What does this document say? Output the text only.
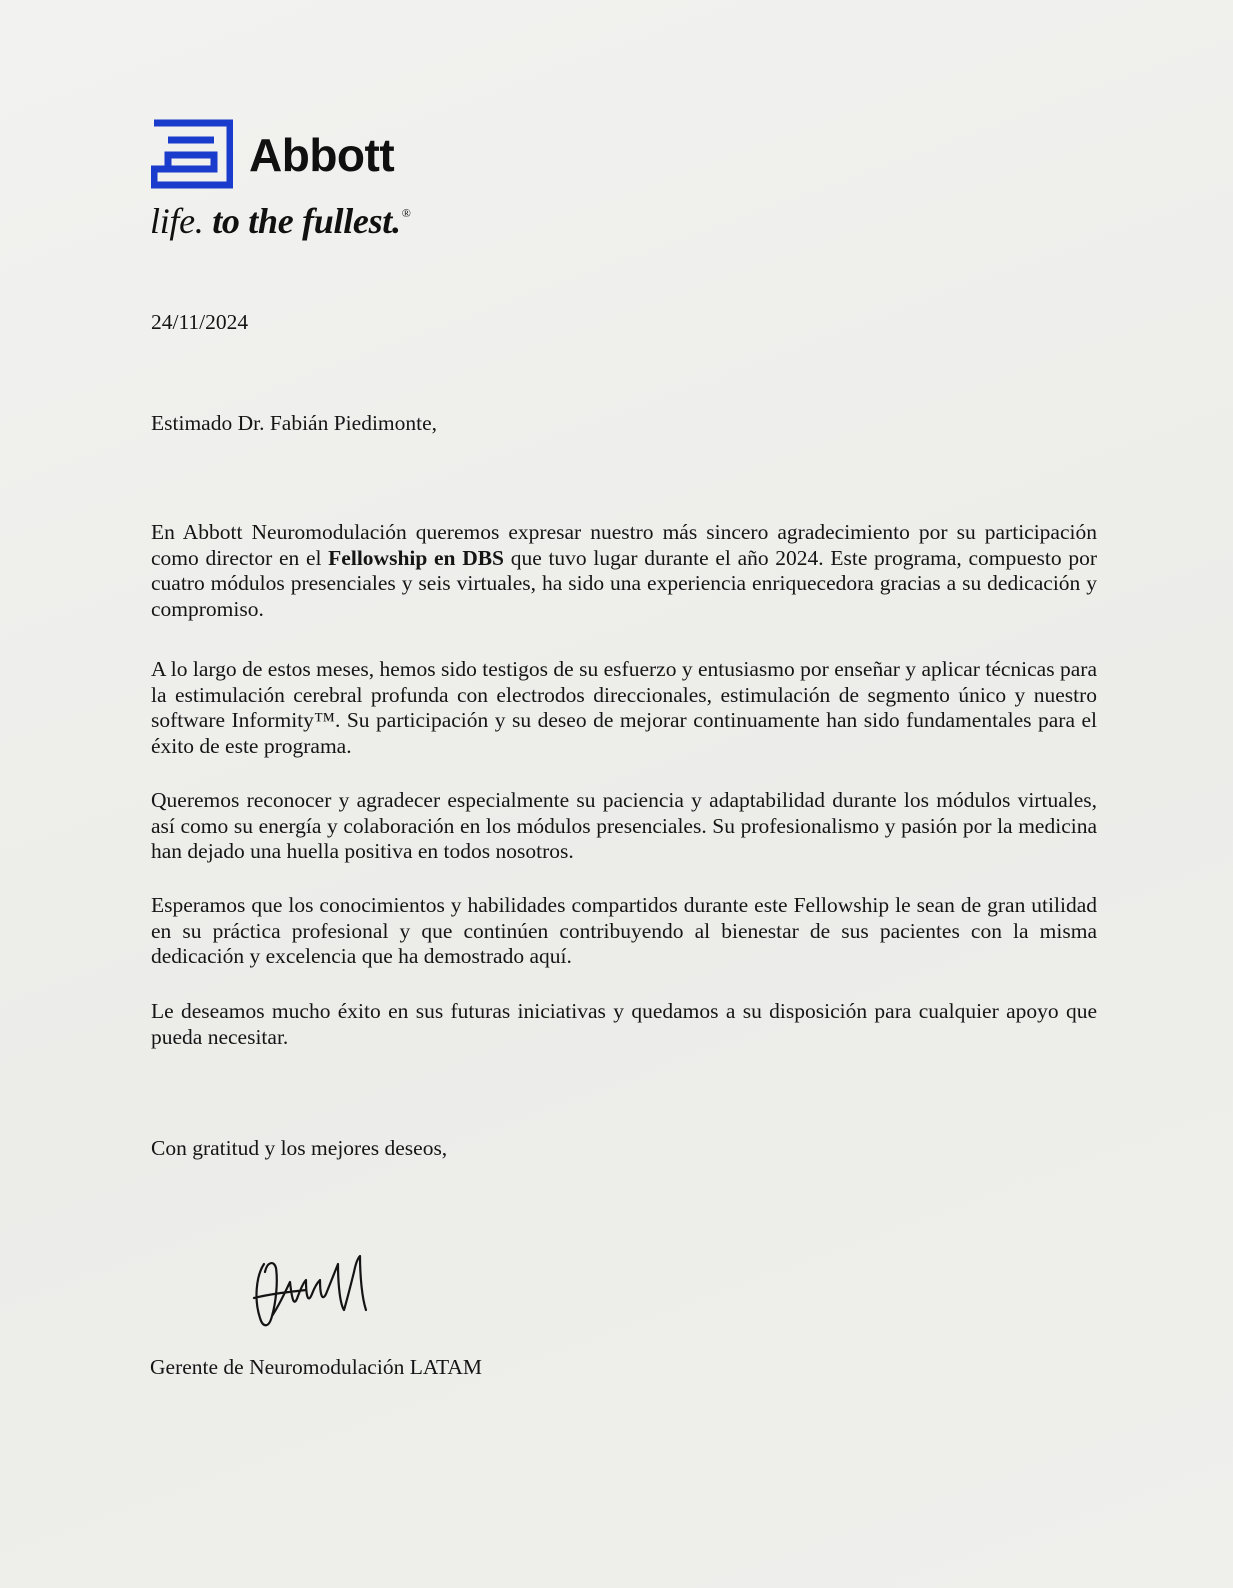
Abbott
life. to the fullest.®
24/11/2024
Estimado Dr. Fabián Piedimonte,
En Abbott Neuromodulación queremos expresar nuestro más sincero agradecimiento por su participación como director en el Fellowship en DBS que tuvo lugar durante el año 2024. Este programa, compuesto por cuatro módulos presenciales y seis virtuales, ha sido una experiencia enriquecedora gracias a su dedicación y compromiso.
A lo largo de estos meses, hemos sido testigos de su esfuerzo y entusiasmo por enseñar y aplicar técnicas para la estimulación cerebral profunda con electrodos direccionales, estimulación de segmento único y nuestro software Informity™. Su participación y su deseo de mejorar continuamente han sido fundamentales para el éxito de este programa.
Queremos reconocer y agradecer especialmente su paciencia y adaptabilidad durante los módulos virtuales, así como su energía y colaboración en los módulos presenciales. Su profesionalismo y pasión por la medicina han dejado una huella positiva en todos nosotros.
Esperamos que los conocimientos y habilidades compartidos durante este Fellowship le sean de gran utilidad en su práctica profesional y que continúen contribuyendo al bienestar de sus pacientes con la misma dedicación y excelencia que ha demostrado aquí.
Le deseamos mucho éxito en sus futuras iniciativas y quedamos a su disposición para cualquier apoyo que pueda necesitar.
Con gratitud y los mejores deseos,
Gerente de Neuromodulación LATAM
